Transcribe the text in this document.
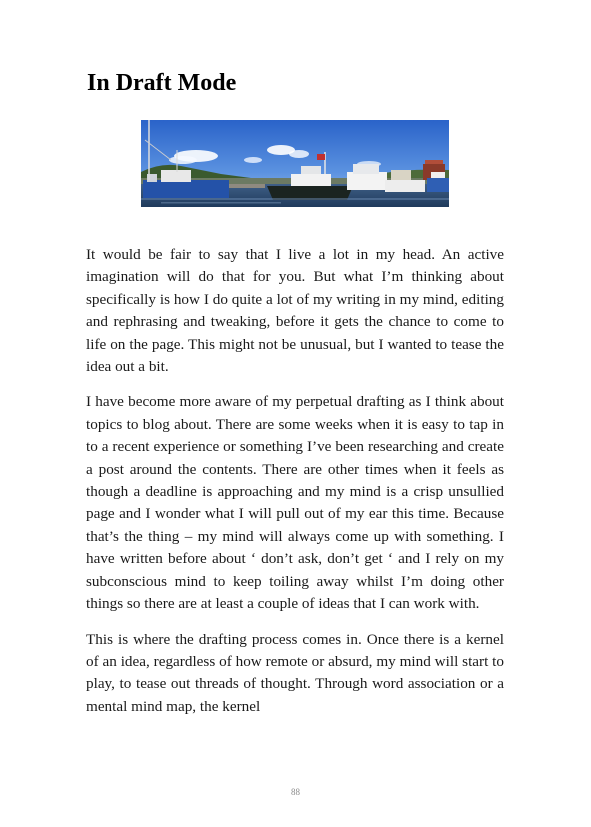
In Draft Mode

It would be fair to say that I live a lot in my head. An active imagination will do that for you. But what I’m thinking about specifically is how I do quite a lot of my writing in my mind, editing and rephrasing and tweaking, before it gets the chance to come to life on the page. This might not be unusual, but I wanted to tease the idea out a bit.

I have become more aware of my perpetual drafting as I think about topics to blog about. There are some weeks when it is easy to tap in to a recent experience or something I’ve been researching and create a post around the contents. There are other times when it feels as though a deadline is approaching and my mind is a crisp unsullied page and I wonder what I will pull out of my ear this time. Because that’s the thing – my mind will always come up with something. I have written before about ‘ don’t ask, don’t get ‘ and I rely on my subconscious mind to keep toiling away whilst I’m doing other things so there are at least a couple of ideas that I can work with.

This is where the drafting process comes in. Once there is a kernel of an idea, regardless of how remote or absurd, my mind will start to play, to tease out threads of thought. Through word association or a mental mind map, the kernel

88
